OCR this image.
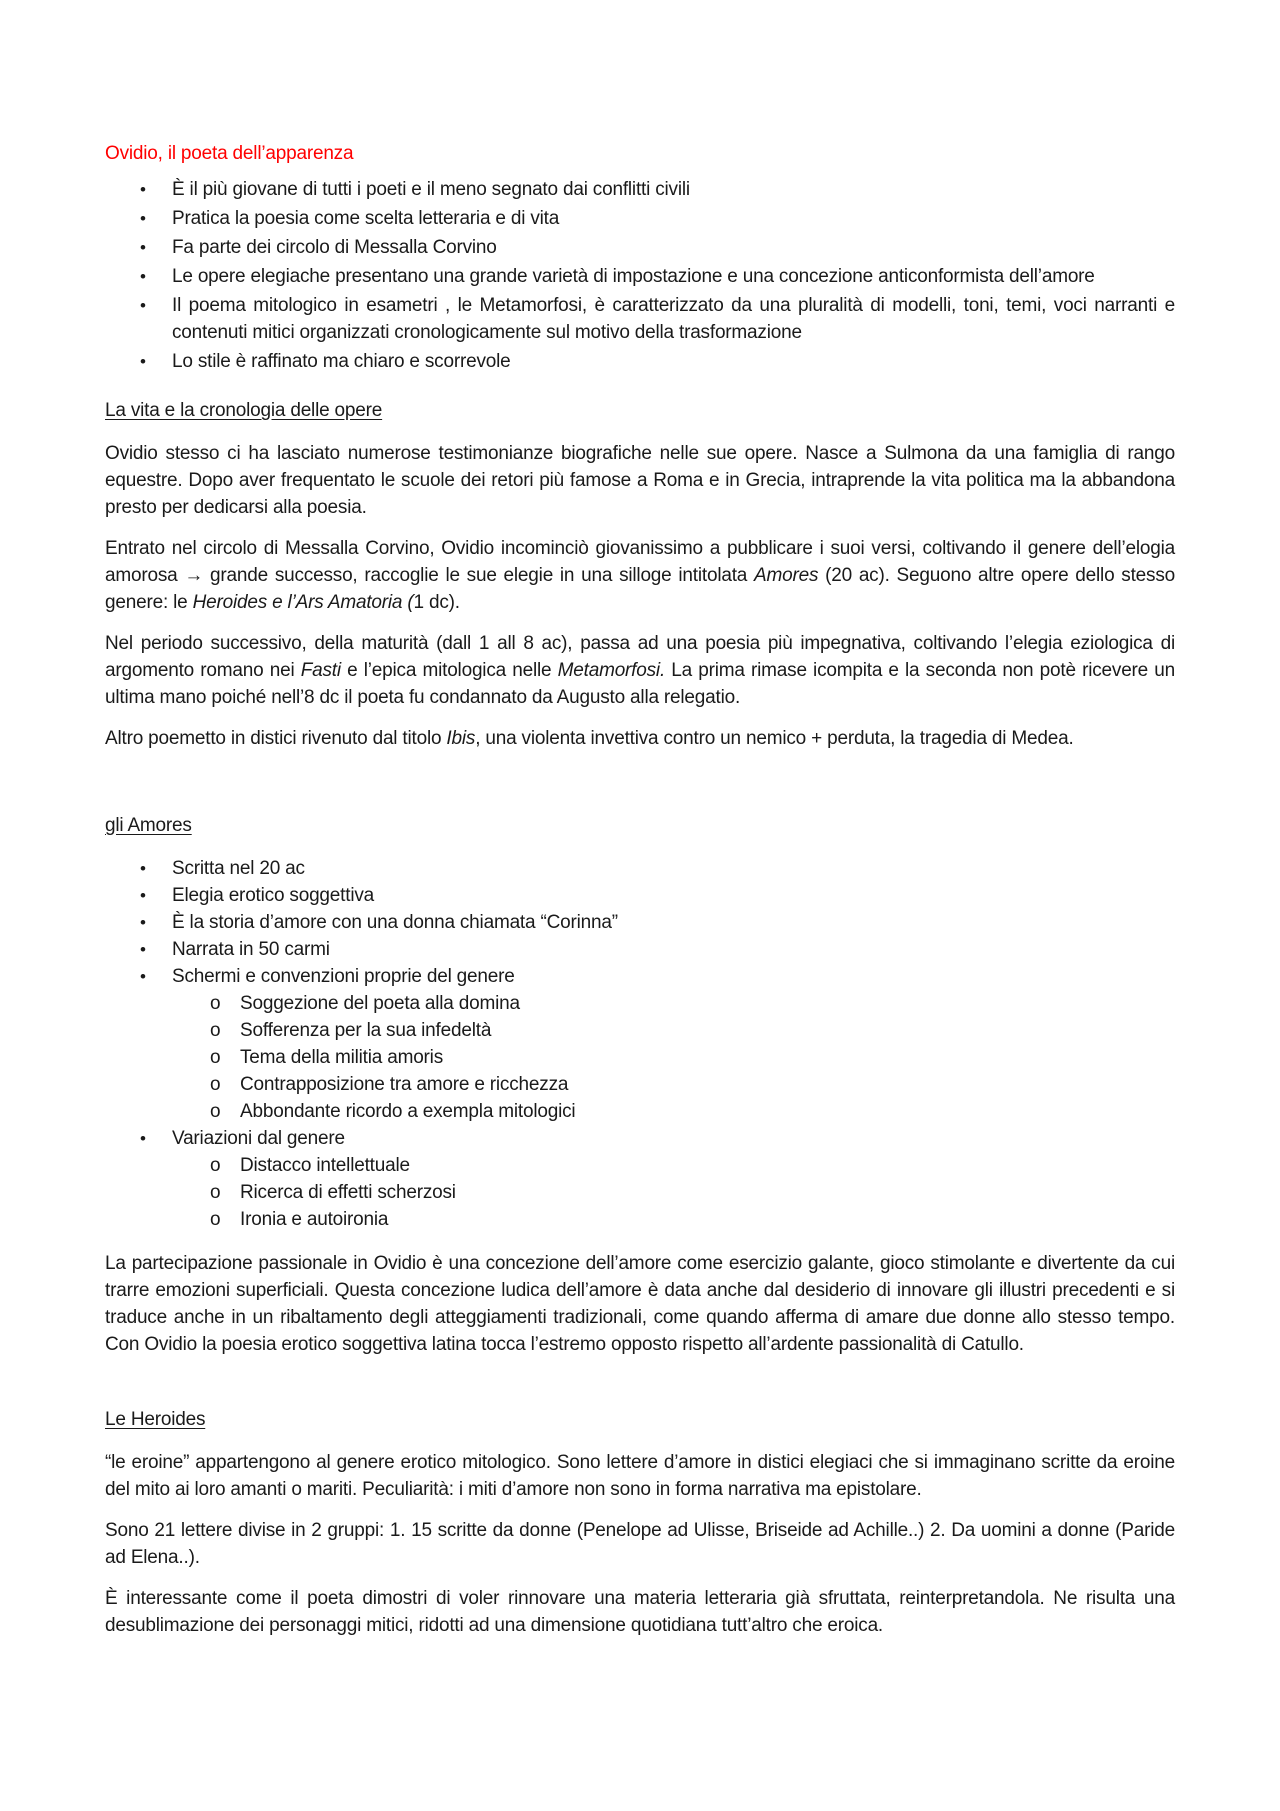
Ovidio, il poeta dell’apparenza
• È il più giovane di tutti i poeti e il meno segnato dai conflitti civili
• Pratica la poesia come scelta letteraria e di vita
• Fa parte dei circolo di Messalla Corvino
• Le opere elegiache presentano una grande varietà di impostazione e una concezione anticonformista dell’amore
• Il poema mitologico in esametri , le Metamorfosi, è caratterizzato da una pluralità di modelli, toni, temi, voci narranti e contenuti mitici organizzati cronologicamente sul motivo della trasformazione
• Lo stile è raffinato ma chiaro e scorrevole
La vita e la cronologia delle opere

Ovidio stesso ci ha lasciato numerose testimonianze biografiche nelle sue opere. Nasce a Sulmona da una famiglia di rango equestre. Dopo aver frequentato le scuole dei retori più famose a Roma e in Grecia, intraprende la vita politica ma la abbandona presto per dedicarsi alla poesia.

Entrato nel circolo di Messalla Corvino, Ovidio incominciò giovanissimo a pubblicare i suoi versi, coltivando il genere dell’elogia amorosa → grande successo, raccoglie le sue elegie in una silloge intitolata Amores (20 ac). Seguono altre opere dello stesso genere: le Heroides e l’Ars Amatoria (1 dc).

Nel periodo successivo, della maturità (dall 1 all 8 ac), passa ad una poesia più impegnativa, coltivando l’elegia eziologica di argomento romano nei Fasti e l’epica mitologica nelle Metamorfosi. La prima rimase icompita e la seconda non potè ricevere un ultima mano poiché nell’8 dc il poeta fu condannato da Augusto alla relegatio.

Altro poemetto in distici rivenuto dal titolo Ibis, una violenta invettiva contro un nemico + perduta, la tragedia di Medea.

gli Amores
• Scritta nel 20 ac
• Elegia erotico soggettiva
• È la storia d’amore con una donna chiamata “Corinna”
• Narrata in 50 carmi
• Schermi e convenzioni proprie del genere
o Soggezione del poeta alla domina
o Sofferenza per la sua infedeltà
o Tema della militia amoris
o Contrapposizione tra amore e ricchezza
o Abbondante ricordo a exempla mitologici
• Variazioni dal genere
o Distacco intellettuale
o Ricerca di effetti scherzosi
o Ironia e autoironia

La partecipazione passionale in Ovidio è una concezione dell’amore come esercizio galante, gioco stimolante e divertente da cui trarre emozioni superficiali. Questa concezione ludica dell’amore è data anche dal desiderio di innovare gli illustri precedenti e si traduce anche in un ribaltamento degli atteggiamenti tradizionali, come quando afferma di amare due donne allo stesso tempo. Con Ovidio la poesia erotico soggettiva latina tocca l’estremo opposto rispetto all’ardente passionalità di Catullo.

Le Heroides

“le eroine” appartengono al genere erotico mitologico. Sono lettere d’amore in distici elegiaci che si immaginano scritte da eroine del mito ai loro amanti o mariti. Peculiarità: i miti d’amore non sono in forma narrativa ma epistolare.

Sono 21 lettere divise in 2 gruppi: 1. 15 scritte da donne (Penelope ad Ulisse, Briseide ad Achille..) 2. Da uomini a donne (Paride ad Elena..).

È interessante come il poeta dimostri di voler rinnovare una materia letteraria già sfruttata, reinterpretandola. Ne risulta una desublimazione dei personaggi mitici, ridotti ad una dimensione quotidiana tutt’altro che eroica.
